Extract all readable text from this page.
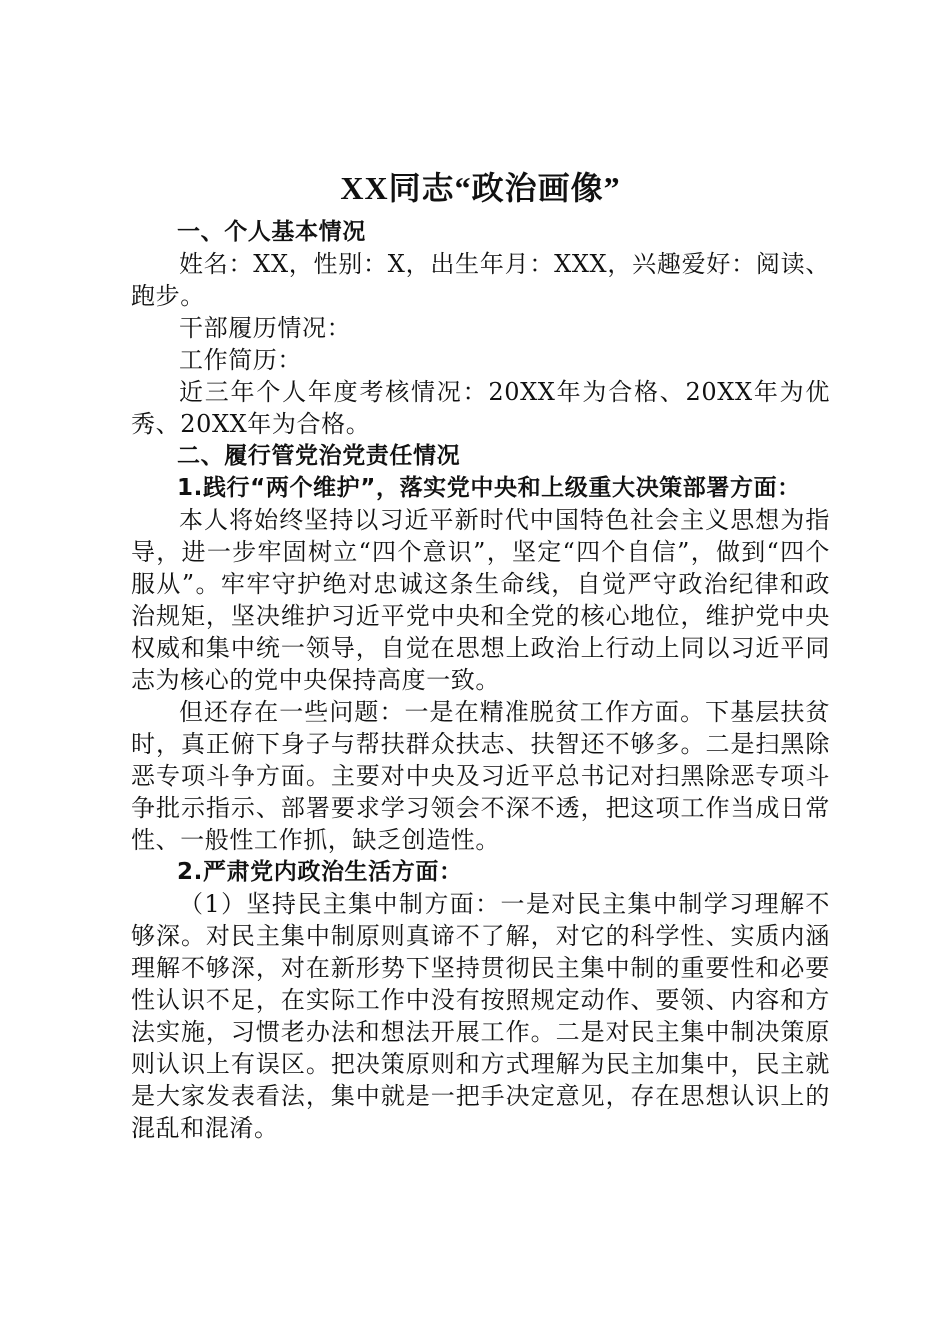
XX同志“政治画像”
一、个人基本情况
姓名：XX，性别：X，出生年月：XXX，兴趣爱好：阅读、跑步。
干部履历情况：
工作简历：
近三年个人年度考核情况：20XX年为合格、20XX年为优秀、20XX年为合格。
二、履行管党治党责任情况
1.践行“两个维护”，落实党中央和上级重大决策部署方面：
本人将始终坚持以习近平新时代中国特色社会主义思想为指导，进一步牢固树立“四个意识”，坚定“四个自信”，做到“四个服从”。牢牢守护绝对忠诚这条生命线，自觉严守政治纪律和政治规矩，坚决维护习近平党中央和全党的核心地位，维护党中央权威和集中统一领导，自觉在思想上政治上行动上同以习近平同志为核心的党中央保持高度一致。
但还存在一些问题：一是在精准脱贫工作方面。下基层扶贫时，真正俯下身子与帮扶群众扶志、扶智还不够多。二是扫黑除恶专项斗争方面。主要对中央及习近平总书记对扫黑除恶专项斗争批示指示、部署要求学习领会不深不透，把这项工作当成日常性、一般性工作抓，缺乏创造性。
2.严肃党内政治生活方面：
（1）坚持民主集中制方面：一是对民主集中制学习理解不够深。对民主集中制原则真谛不了解，对它的科学性、实质内涵理解不够深，对在新形势下坚持贯彻民主集中制的重要性和必要性认识不足，在实际工作中没有按照规定动作、要领、内容和方法实施，习惯老办法和想法开展工作。二是对民主集中制决策原则认识上有误区。把决策原则和方式理解为民主加集中，民主就是大家发表看法，集中就是一把手决定意见，存在思想认识上的混乱和混淆。
